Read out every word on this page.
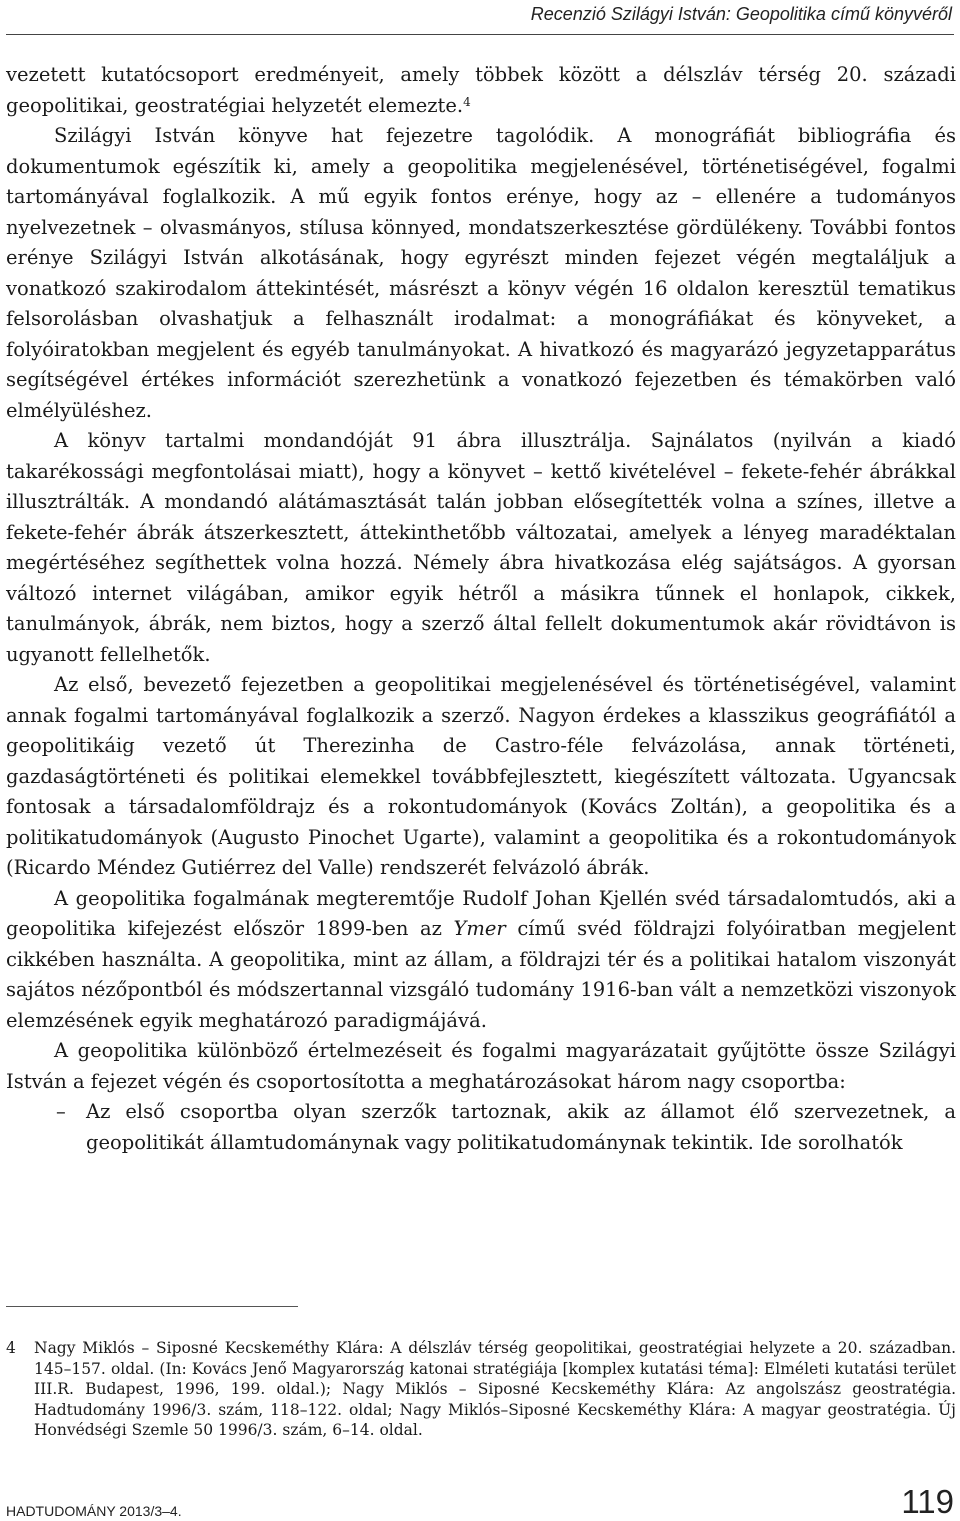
Recenzió Szilágyi István: Geopolitika című könyvéről

vezetett kutatócsoport eredményeit, amely többek között a délszláv térség 20. századi geopolitikai, geostratégiai helyzetét elemezte.$^4$

Szilágyi István könyve hat fejezetre tagolódik. A monográfiát bibliográfia és dokumentumok egészítik ki, amely a geopolitika megjelenésével, történetiségével, fogalmi tartományával foglalkozik. A mű egyik fontos erénye, hogy az – ellenére a tudományos nyelvezetnek – olvasmányos, stílusa könnyed, mondatszerkesztése gördülékeny. További fontos erénye Szilágyi István alkotásának, hogy egyrészt minden fejezet végén megtaláljuk a vonatkozó szakirodalom áttekintését, másrészt a könyv végén 16 oldalon keresztül tematikus felsorolásban olvashatjuk a felhasznált irodalmat: a monográfiákat és könyveket, a folyóiratokban megjelent és egyéb tanulmányokat. A hivatkozó és magyarázó jegyzetapparátus segítségével értékes információt szerezhetünk a vonatkozó fejezetben és témakörben való elmélyüléshez.

A könyv tartalmi mondandóját 91 ábra illusztrálja. Sajnálatos (nyilván a kiadó takarékossági megfontolásai miatt), hogy a könyvet – kettő kivételével – fekete-fehér ábrákkal illusztrálták. A mondandó alátámasztását talán jobban elősegítették volna a színes, illetve a fekete-fehér ábrák átszerkesztett, áttekinthetőbb változatai, amelyek a lényeg maradéktalan megértéséhez segíthettek volna hozzá. Némely ábra hivatkozása elég sajátságos. A gyorsan változó internet világában, amikor egyik hétről a másikra tűnnek el honlapok, cikkek, tanulmányok, ábrák, nem biztos, hogy a szerző által fellelt dokumentumok akár rövidtávon is ugyanott fellelhetők.

Az első, bevezető fejezetben a geopolitikai megjelenésével és történetiségével, valamint annak fogalmi tartományával foglalkozik a szerző. Nagyon érdekes a klasszikus geográfiától a geopolitikáig vezető út Therezinha de Castro-féle felvázolása, annak történeti, gazdaságtörténeti és politikai elemekkel továbbfejlesztett, kiegészített változata. Ugyancsak fontosak a társadalomföldrajz és a rokontudományok (Kovács Zoltán), a geopolitika és a politikatudományok (Augusto Pinochet Ugarte), valamint a geopolitika és a rokontudományok (Ricardo Méndez Gutiérrez del Valle) rendszerét felvázoló ábrák.

A geopolitika fogalmának megteremtője Rudolf Johan Kjellén svéd társadalomtudós, aki a geopolitika kifejezést először 1899-ben az Ymer című svéd földrajzi folyóiratban megjelent cikkében használta. A geopolitika, mint az állam, a földrajzi tér és a politikai hatalom viszonyát sajátos nézőpontból és módszertannal vizsgáló tudomány 1916-ban vált a nemzetközi viszonyok elemzésének egyik meghatározó paradigmájává.

A geopolitika különböző értelmezéseit és fogalmi magyarázatait gyűjtötte össze Szilágyi István a fejezet végén és csoportosította a meghatározásokat három nagy csoportba:

–	Az első csoportba olyan szerzők tartoznak, akik az államot élő szervezetnek, a geopolitikát államtudománynak vagy politikatudománynak tekintik. Ide sorolhatók
4	Nagy Miklós – Siposné Kecskeméthy Klára: A délszláv térség geopolitikai, geostratégiai helyzete a 20. században. 145–157. oldal. (In: Kovács Jenő Magyarország katonai stratégiája [komplex kutatási téma]: Elméleti kutatási terület III.R. Budapest, 1996, 199. oldal.); Nagy Miklós – Siposné Kecskeméthy Klára: Az angolszász geostratégia. Hadtudomány 1996/3. szám, 118–122. oldal; Nagy Miklós–Siposné Kecskeméthy Klára: A magyar geostratégia. Új Honvédségi Szemle 50 1996/3. szám, 6–14. oldal.
HADTUDOMÁNY 2013/3–4.	119
